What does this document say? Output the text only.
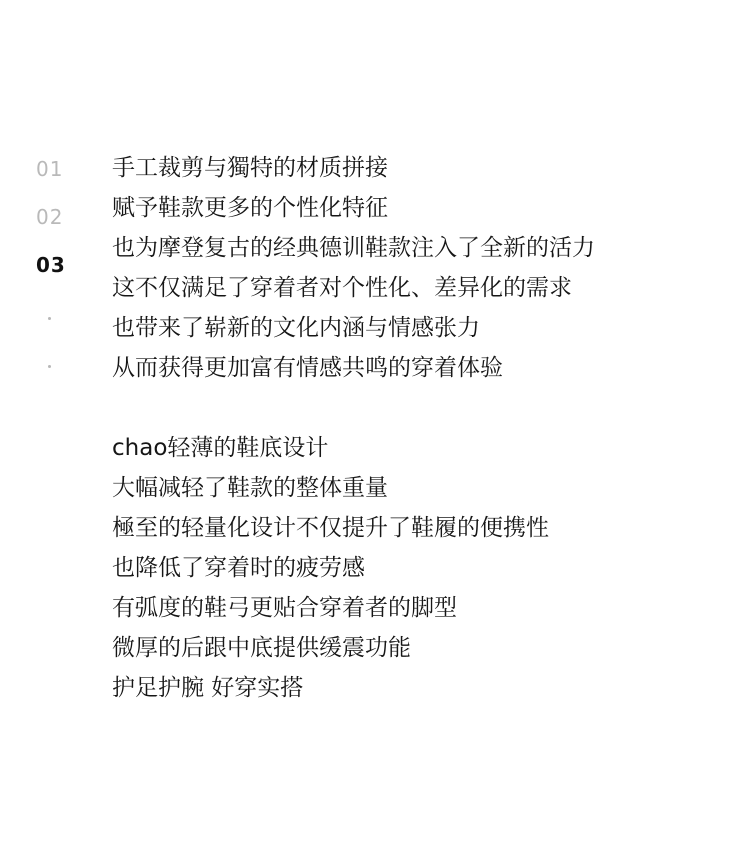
01
02
03
手工裁剪与獨特的材质拼接
赋予鞋款更多的个性化特征
也为摩登复古的经典德训鞋款注入了全新的活力
这不仅满足了穿着者对个性化、差异化的需求
也带来了崭新的文化内涵与情感张力
从而获得更加富有情感共鸣的穿着体验
chao轻薄的鞋底设计
大幅减轻了鞋款的整体重量
極至的轻量化设计不仅提升了鞋履的便携性
也降低了穿着时的疲劳感
有弧度的鞋弓更贴合穿着者的脚型
微厚的后跟中底提供缓震功能
护足护腕 好穿实搭
